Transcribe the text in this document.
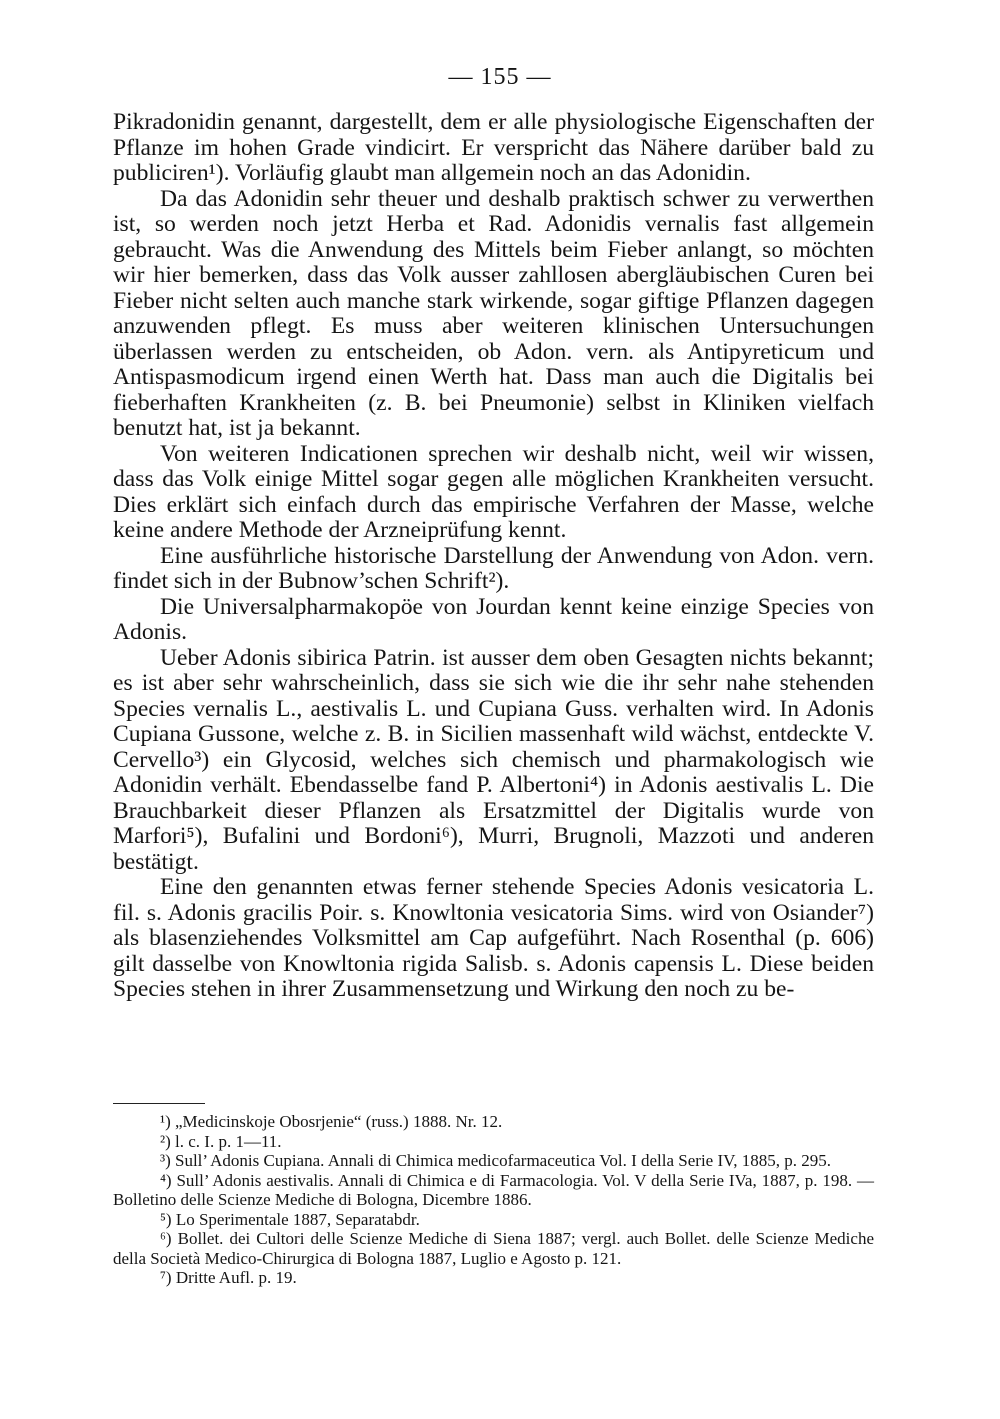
— 155 —

Pikradonidin genannt, dargestellt, dem er alle physiologische Eigenschaften der Pflanze im hohen Grade vindicirt. Er verspricht das Nähere darüber bald zu publiciren¹). Vorläufig glaubt man allgemein noch an das Adonidin.

Da das Adonidin sehr theuer und deshalb praktisch schwer zu verwerthen ist, so werden noch jetzt Herba et Rad. Adonidis vernalis fast allgemein gebraucht. Was die Anwendung des Mittels beim Fieber anlangt, so möchten wir hier bemerken, dass das Volk ausser zahllosen abergläubischen Curen bei Fieber nicht selten auch manche stark wirkende, sogar giftige Pflanzen dagegen anzuwenden pflegt. Es muss aber weiteren klinischen Untersuchungen überlassen werden zu entscheiden, ob Adon. vern. als Antipyreticum und Antispasmodicum irgend einen Werth hat. Dass man auch die Digitalis bei fieberhaften Krankheiten (z. B. bei Pneumonie) selbst in Kliniken vielfach benutzt hat, ist ja bekannt.

Von weiteren Indicationen sprechen wir deshalb nicht, weil wir wissen, dass das Volk einige Mittel sogar gegen alle möglichen Krankheiten versucht. Dies erklärt sich einfach durch das empirische Verfahren der Masse, welche keine andere Methode der Arzneiprüfung kennt.

Eine ausführliche historische Darstellung der Anwendung von Adon. vern. findet sich in der Bubnow’schen Schrift²).

Die Universalpharmakopöe von Jourdan kennt keine einzige Species von Adonis.

Ueber Adonis sibirica Patrin. ist ausser dem oben Gesagten nichts bekannt; es ist aber sehr wahrscheinlich, dass sie sich wie die ihr sehr nahe stehenden Species vernalis L., aestivalis L. und Cupiana Guss. verhalten wird. In Adonis Cupiana Gussone, welche z. B. in Sicilien massenhaft wild wächst, entdeckte V. Cervello³) ein Glycosid, welches sich chemisch und pharmakologisch wie Adonidin verhält. Ebendasselbe fand P. Albertoni⁴) in Adonis aestivalis L. Die Brauchbarkeit dieser Pflanzen als Ersatzmittel der Digitalis wurde von Marfori⁵), Bufalini und Bordoni⁶), Murri, Brugnoli, Mazzoti und anderen bestätigt.

Eine den genannten etwas ferner stehende Species Adonis vesicatoria L. fil. s. Adonis gracilis Poir. s. Knowltonia vesicatoria Sims. wird von Osiander⁷) als blasenziehendes Volksmittel am Cap aufgeführt. Nach Rosenthal (p. 606) gilt dasselbe von Knowltonia rigida Salisb. s. Adonis capensis L. Diese beiden Species stehen in ihrer Zusammensetzung und Wirkung den noch zu be-

¹) „Medicinskoje Obosrjenie“ (russ.) 1888. Nr. 12.

²) l. c. I. p. 1—11.

³) Sull’ Adonis Cupiana. Annali di Chimica medicofarmaceutica Vol. I della Serie IV, 1885, p. 295.

⁴) Sull’ Adonis aestivalis. Annali di Chimica e di Farmacologia. Vol. V della Serie IVa, 1887, p. 198. — Bolletino delle Scienze Mediche di Bologna, Dicembre 1886.

⁵) Lo Sperimentale 1887, Separatabdr.

⁶) Bollet. dei Cultori delle Scienze Mediche di Siena 1887; vergl. auch Bollet. delle Scienze Mediche della Società Medico-Chirurgica di Bologna 1887, Luglio e Agosto p. 121.

⁷) Dritte Aufl. p. 19.
